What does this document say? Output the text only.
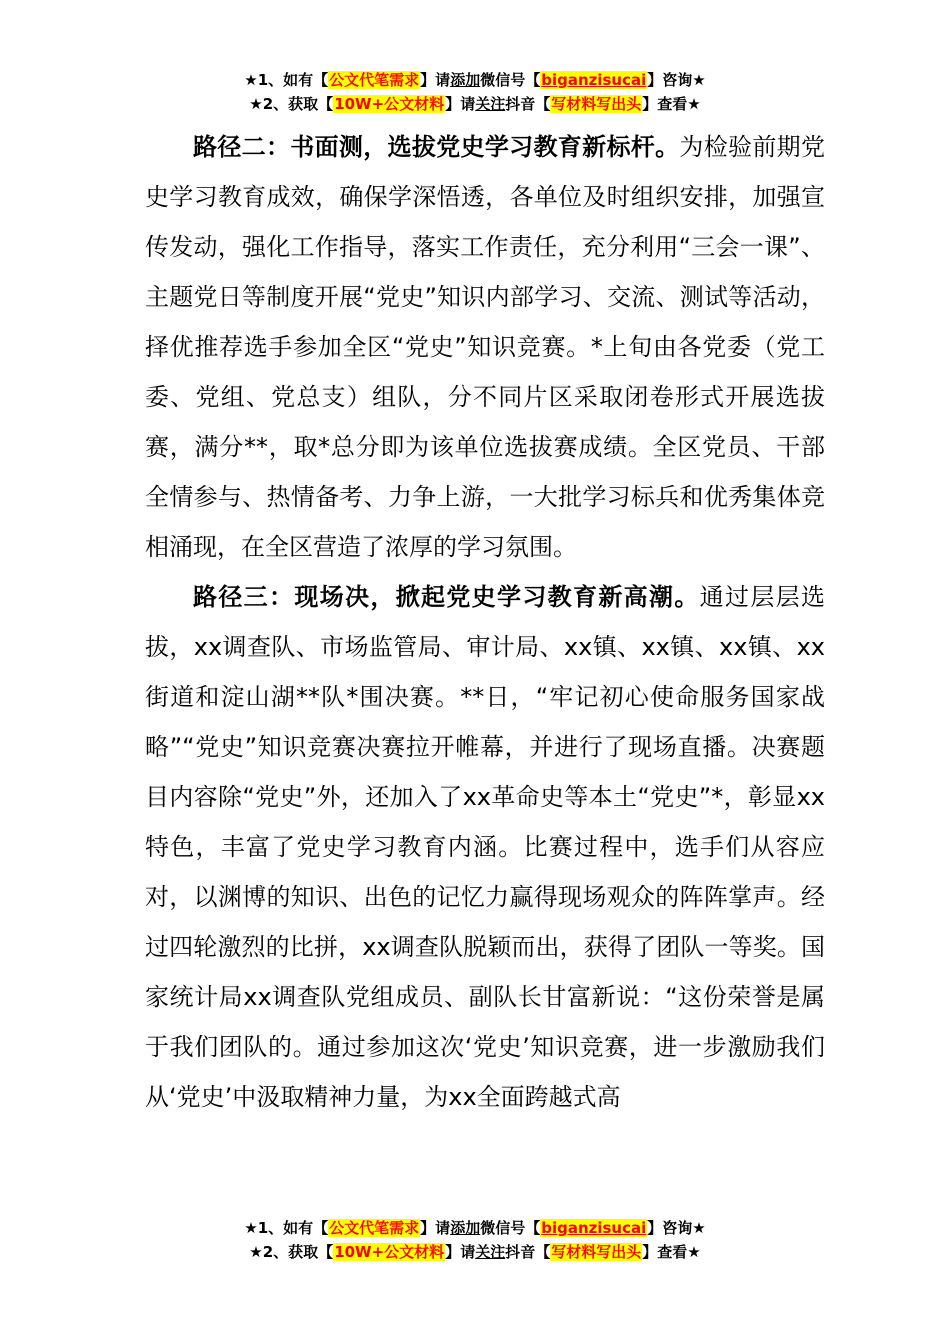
★1、如有【公文代笔需求】请添加微信号【biganzisucai】咨询★
★2、获取【10W+公文材料】请关注抖音【写材料写出头】查看★

路径二：书面测，选拔党史学习教育新标杆。为检验前期党史学习教育成效，确保学深悟透，各单位及时组织安排，加强宣传发动，强化工作指导，落实工作责任，充分利用“三会一课”、主题党日等制度开展“党史”知识内部学习、交流、测试等活动，择优推荐选手参加全区“党史”知识竞赛。*上旬由各党委（党工委、党组、党总支）组队，分不同片区采取闭卷形式开展选拔赛，满分**，取*总分即为该单位选拔赛成绩。全区党员、干部全情参与、热情备考、力争上游，一大批学习标兵和优秀集体竞相涌现，在全区营造了浓厚的学习氛围。

路径三：现场决，掀起党史学习教育新高潮。通过层层选拔，xx调查队、市场监管局、审计局、xx镇、xx镇、xx镇、xx街道和淀山湖**队*围决赛。**日，“牢记初心使命服务国家战略”“党史”知识竞赛决赛拉开帷幕，并进行了现场直播。决赛题目内容除“党史”外，还加入了xx革命史等本土“党史”*，彰显xx特色，丰富了党史学习教育内涵。比赛过程中，选手们从容应对，以渊博的知识、出色的记忆力赢得现场观众的阵阵掌声。经过四轮激烈的比拼，xx调查队脱颖而出，获得了团队一等奖。国家统计局xx调查队党组成员、副队长甘富新说：“这份荣誉是属于我们团队的。通过参加这次‘党史’知识竞赛，进一步激励我们从‘党史’中汲取精神力量，为xx全面跨越式高

★1、如有【公文代笔需求】请添加微信号【biganzisucai】咨询★
★2、获取【10W+公文材料】请关注抖音【写材料写出头】查看★
